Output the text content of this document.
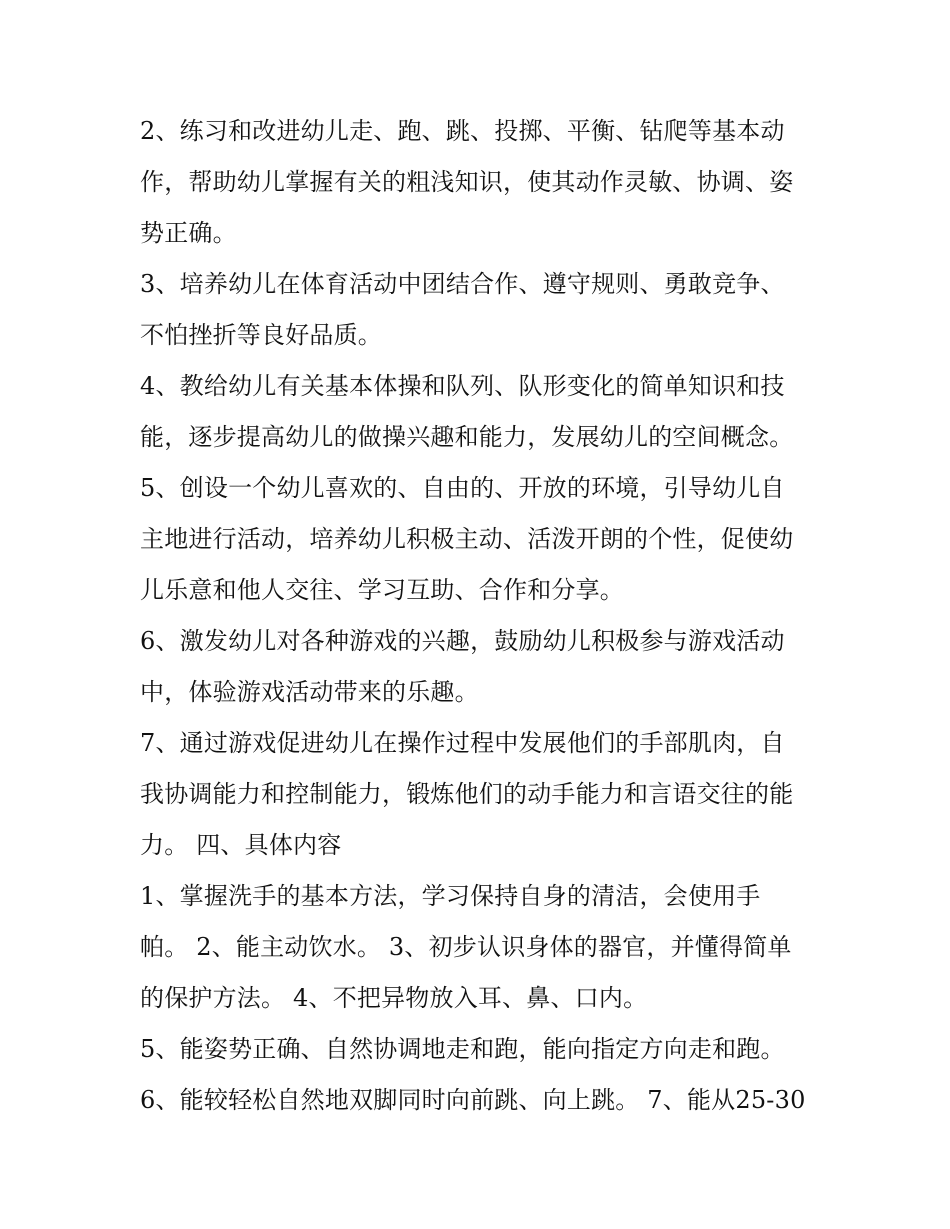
2、练习和改进幼儿走、跑、跳、投掷、平衡、钻爬等基本动
作，帮助幼儿掌握有关的粗浅知识，使其动作灵敏、协调、姿
势正确。
3、培养幼儿在体育活动中团结合作、遵守规则、勇敢竞争、
不怕挫折等良好品质。
4、教给幼儿有关基本体操和队列、队形变化的简单知识和技
能，逐步提高幼儿的做操兴趣和能力，发展幼儿的空间概念。
5、创设一个幼儿喜欢的、自由的、开放的环境，引导幼儿自
主地进行活动，培养幼儿积极主动、活泼开朗的个性，促使幼
儿乐意和他人交往、学习互助、合作和分享。
6、激发幼儿对各种游戏的兴趣，鼓励幼儿积极参与游戏活动
中，体验游戏活动带来的乐趣。
7、通过游戏促进幼儿在操作过程中发展他们的手部肌肉，自
我协调能力和控制能力，锻炼他们的动手能力和言语交往的能
力。 四、具体内容
1、掌握洗手的基本方法，学习保持自身的清洁，会使用手
帕。 2、能主动饮水。 3、初步认识身体的器官，并懂得简单
的保护方法。 4、不把异物放入耳、鼻、口内。
5、能姿势正确、自然协调地走和跑，能向指定方向走和跑。
6、能较轻松自然地双脚同时向前跳、向上跳。 7、能从25-30
